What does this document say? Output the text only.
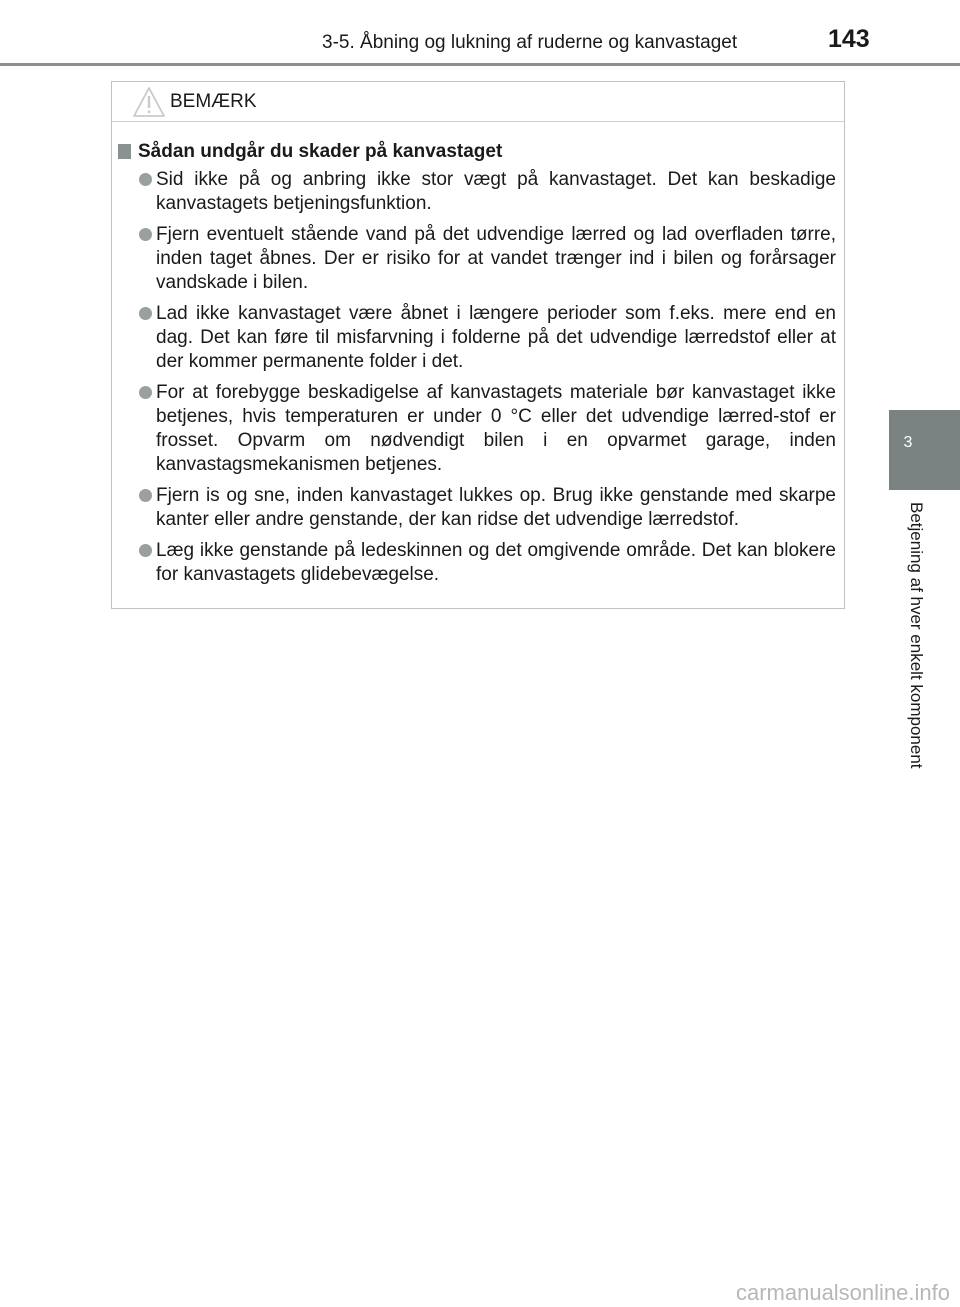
3-5. Åbning og lukning af ruderne og kanvastaget	143
3
Betjening af hver enkelt komponent
BEMÆRK
Sådan undgår du skader på kanvastaget
Sid ikke på og anbring ikke stor vægt på kanvastaget. Det kan beskadige kanvastagets betjeningsfunktion.
Fjern eventuelt stående vand på det udvendige lærred og lad overfladen tørre, inden taget åbnes. Der er risiko for at vandet trænger ind i bilen og forårsager vandskade i bilen.
Lad ikke kanvastaget være åbnet i længere perioder som f.eks. mere end en dag. Det kan føre til misfarvning i folderne på det udvendige lærredstof eller at der kommer permanente folder i det.
For at forebygge beskadigelse af kanvastagets materiale bør kanvastaget ikke betjenes, hvis temperaturen er under 0 °C eller det udvendige lærred-stof er frosset. Opvarm om nødvendigt bilen i en opvarmet garage, inden kanvastagsmekanismen betjenes.
Fjern is og sne, inden kanvastaget lukkes op. Brug ikke genstande med skarpe kanter eller andre genstande, der kan ridse det udvendige lærredstof.
Læg ikke genstande på ledeskinnen og det omgivende område. Det kan blokere for kanvastagets glidebevægelse.
carmanualsonline.info
